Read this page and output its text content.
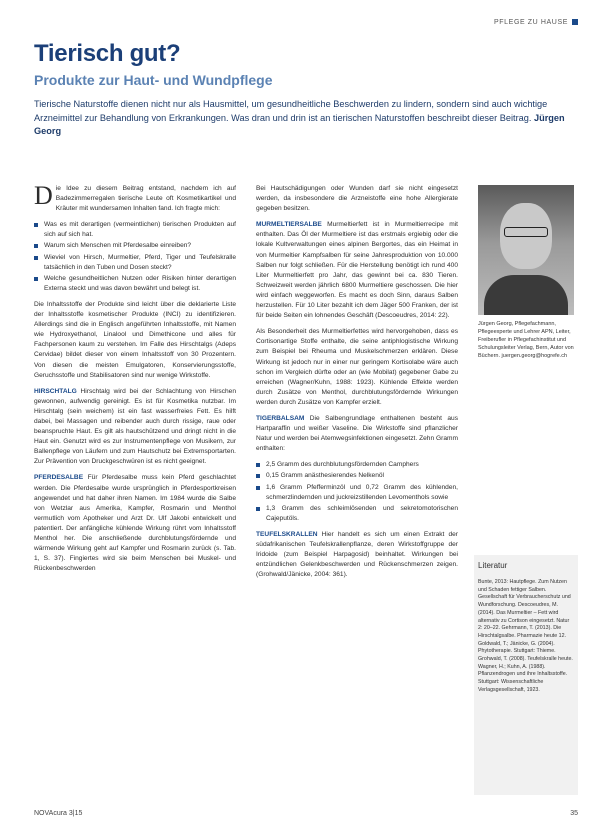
PFLEGE ZU HAUSE
Tierisch gut?
Produkte zur Haut- und Wundpflege

Tierische Naturstoffe dienen nicht nur als Hausmittel, um gesundheitliche Beschwerden zu lindern, sondern sind auch wichtige Arzneimittel zur Behandlung von Erkrankungen. Was dran und drin ist an tierischen Naturstoffen beschreibt dieser Beitrag. Jürgen Georg

Die Idee zu diesem Beitrag entstand, nachdem ich auf Badezimmerregalen tierische Leute oft Kosmetikartikel und Kräuter mit wundersamen Inhalten fand. Ich fragte mich:

Was es mit derartigen (vermeintlichen) tierischen Produkten auf sich auf sich hat.
Warum sich Menschen mit Pferdesalbe einreiben?
Wieviel von Hirsch, Murmeltier, Pferd, Tiger und Teufelskralle tatsächlich in den Tuben und Dosen steckt?
Welche gesundheitlichen Nutzen oder Risiken hinter derartigen Externa steckt und was davon bewährt und belegt ist.

Die Inhaltsstoffe der Produkte sind leicht über die deklarierte Liste der Inhaltsstoffe kosmetischer Produkte (INCI) zu identifizieren. Allerdings sind die in Englisch angeführten Inhaltsstoffe, mit Namen wie Hydroxyethanol, Linalool und Dimethicone und alles für Fachpersonen kaum zu verstehen. Im Falle des Hirschtalgs (Adeps Cervidae) bildet dieser von einem Inhaltsstoff von 30 Prozentern. Von diesen die meisten Emulgatoren, Konservierungsstoffe, Geruchsstoffe und Stabilisatoren sind nur wenige Wirkstoffe.

HIRSCHTALG Hirschtalg wird bei der Schlachtung von Hirschen gewonnen, aufwendig gereinigt. Es ist für Kosmetika nutzbar. Im Hirschtalg (sein weichem) ist ein fast wasserfreies Fett. Es hilft dabei, bei Massagen und reibender auch durch rissige, raue oder beanspruchte Haut. Es gilt als hautschützend und dringt nicht in die Haut ein. Genutzt wird es zur Instrumentenpflege von Musikern, zur Ballenpflege von Läufern und zum Hautschutz bei Extremsportarten. Zur Prävention von Druckgeschwüren ist es nicht geeignet.

PFERDESALBE Für Pferdesalbe muss kein Pferd geschlachtet werden. Die Pferdesalbe wurde ursprünglich in Pferdesportkreisen angewendet und hat daher ihren Namen. Im 1984 wurde die Salbe von Wetzlar aus Amerika, Kampfer, Rosmarin und Menthol vermutlich vom Apotheker und Arzt Dr. Ulf Jakobi entwickelt und patentiert. Der anfängliche kühlende Wirkung rührt vom Inhaltsstoff Menthol her. Die anschließende durchblutungsfördernde und wärmende Wirkung geht auf Kampfer und Rosmarin zurück (s. Tab. 1, S. 37). Fingiertes wird sie beim Menschen bei Muskel- und Rückenbeschwerden

Bei Hautschädigungen oder Wunden darf sie nicht eingesetzt werden, da insbesondere die Arzneistoffe eine hohe Allergierate gegeben besitzen.

MURMELTIERSALBE Murmeltierfett ist in Murmeltierrecipe mit enthalten. Das Öl der Murmeltiere ist das erstmals ergiebig oder die lokale Kultverwaltungen eines alpinen Bergortes, das ein Heimat in von Murmeltier Kampfsalben für seine Jahresproduktion von 10.000 Salben nur folgt schließen. Für die Herstellung benötigt ich rund 400 Liter Murmeltierfett pro Jahr, das gewinnt bei ca. 830 Tieren. Schweizweit werden jährlich 6800 Murmeltiere geschossen. Die hier wird einfach weggeworfen. Es macht es doch Sinn, daraus Salben herzustellen. Für 10 Liter bezahlt ich dem Jäger 500 Franken, der ist für beide Seiten ein lohnendes Geschäft (Descoeudres, 2014: 22).

Als Besonderheit des Murmeltierfettes wird hervorgehoben, dass es Cortisonartige Stoffe enthalte, die seine antiphlogistische Wirkung zum Beispiel bei Rheuma und Muskelschmerzen erklären. Diese Wirkung ist jedoch nur in einer nur geringem Kortisolabe wäre auch schon im Vergleich dürfte oder an (wie Mobilat) gegebener Gabe zu erreichen (Wagner/Kuhn, 1988: 1923). Kühlende Effekte werden durch Zusätze von Menthol, durchblutungsfördernde Wirkungen werden durch Zusätze von Kampfer erzielt.

TIGERBALSAM Die Salbengrundlage enthaltenen besteht aus Hartparaffin und weißer Vaseline. Die Wirkstoffe sind pflanzlicher Natur und werden bei Atemwegsinfektionen eingesetzt. Zehn Gramm enthalten:

2,5 Gramm des durchblutungsfördernden Camphers
0,15 Gramm anästhesierendes Nelkenöl
1,6 Gramm Pfefferminzöl und 0,72 Gramm des kühlenden, schmerzlindernden und juckreizstillenden Levomenthols sowie
1,3 Gramm des schleimlösenden und sekretomotorischen Cajeputöls.

TEUFELSKRALLEN Hier handelt es sich um einen Extrakt der südafrikanischen Teufelskrallenpflanze, deren Wirkstoffgruppe der Iridoide (zum Beispiel Harpagosid) beinhaltet. Wirkungen bei entzündlichen Gelenkbeschwerden und Rückenschmerzen zeigen. (Grohwald/Jänicke, 2004: 361).

Jürgen Georg, Pflegefachmann, Pflegeexperte und Lehrer APN, Leiter, Freiberufler in Pflegefachinstitut und Schulungsleiter Verlag, Bern, Autor von Büchern. juergen.georg@hogrefe.ch

Literatur

Bunte, 2013: Hautpflege. Zum Nutzen und Schaden fettiger Salben. Gesellschaft für Verbraucherschutz und Wundforschung. Descoeudres, M. (2014). Das Murmeltier – Fett wird alternativ zu Cortison eingesetzt. Natur 2: 20–22. Gehrmann, T. (2013). Die Hirschtalgsalbe. Pharmazie heute 12. Goldwald, T.; Jänicke, G. (2004). Phytotherapie. Stuttgart: Thieme. Grohwald, T. (2008). Teufelskralle heute. Wagner, H.; Kuhn, A. (1988). Pflanzendrogen und ihre Inhaltsstoffe. Stuttgart: Wissenschaftliche Verlagsgesellschaft, 1923.

NOVAcura 3|15	35
